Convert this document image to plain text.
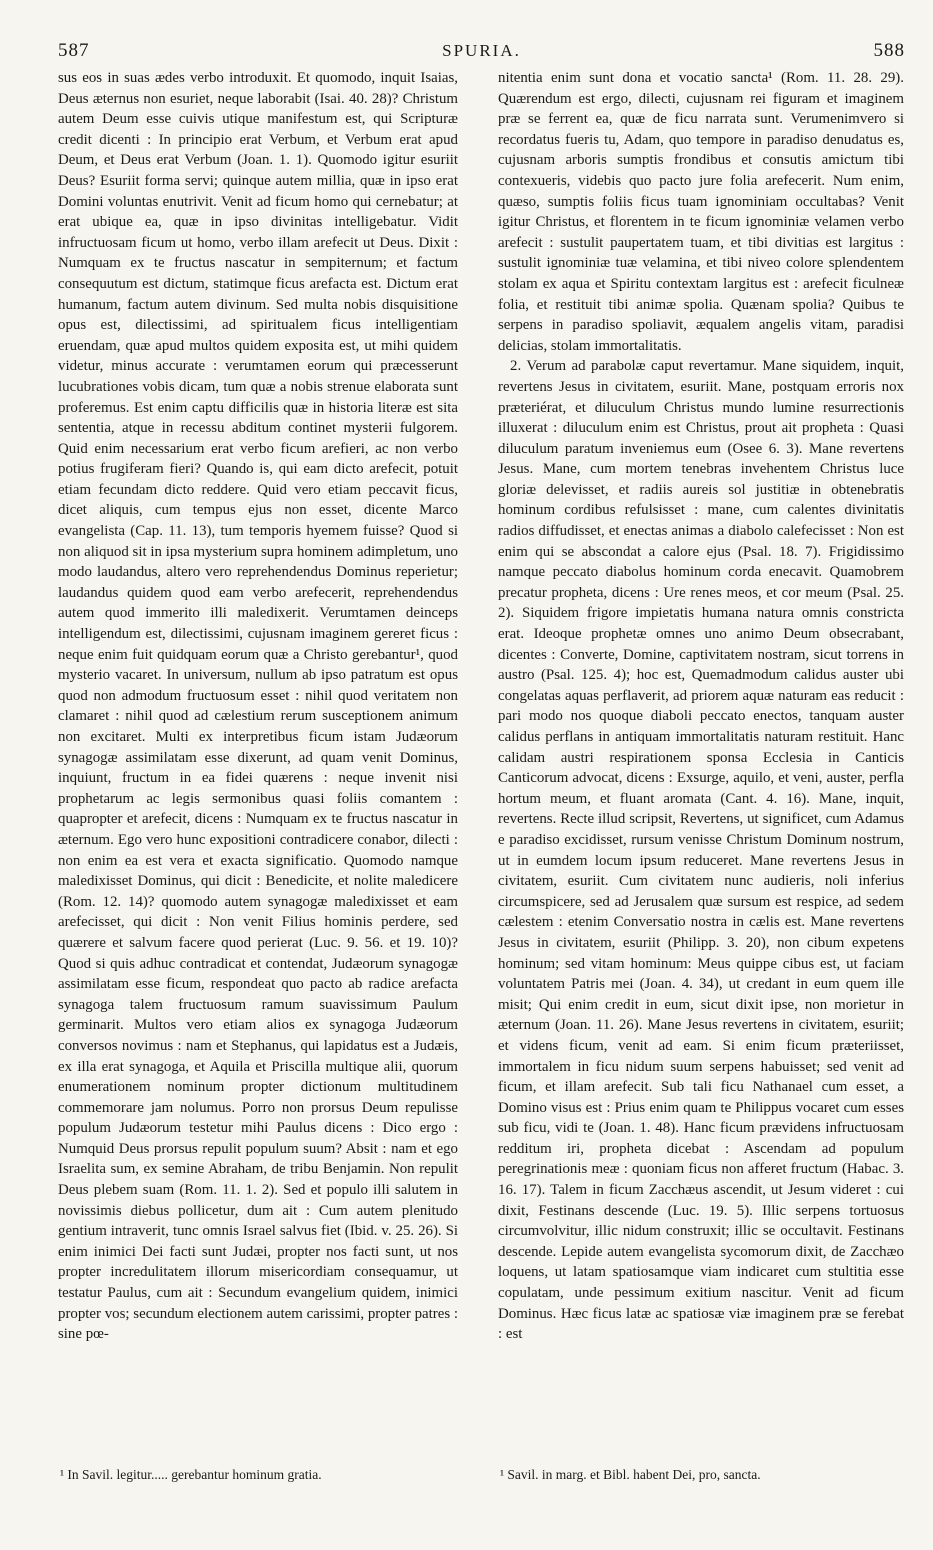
587	SPURIA.	588

sus eos in suas ædes verbo introduxit. Et quomodo, inquit Isaias, Deus æternus non esuriet, neque laborabit (Isai. 40. 28)? Christum autem Deum esse cuivis utique manifestum est, qui Scripturæ credit dicenti : In principio erat Verbum, et Verbum erat apud Deum, et Deus erat Verbum (Joan. 1. 1). Quomodo igitur esuriit Deus? Esuriit forma servi; quinque autem millia, quæ in ipso erat Domini voluntas enutrivit. Venit ad ficum homo qui cernebatur; at erat ubique ea, quæ in ipso divinitas intelligebatur. Vidit infructuosam ficum ut homo, verbo illam arefecit ut Deus. Dixit : Numquam ex te fructus nascatur in sempiternum; et factum consequutum est dictum, statimque ficus arefacta est. Dictum erat humanum, factum autem divinum. Sed multa nobis disquisitione opus est, dilectissimi, ad spiritualem ficus intelligentiam eruendam, quæ apud multos quidem exposita est, ut mihi quidem videtur, minus accurate : verumtamen eorum qui præcesserunt lucubrationes vobis dicam, tum quæ a nobis strenue elaborata sunt proferemus. Est enim captu difficilis quæ in historia literæ est sita sententia, atque in recessu abditum continet mysterii fulgorem. Quid enim necessarium erat verbo ficum arefieri, ac non verbo potius frugiferam fieri? Quando is, qui eam dicto arefecit, potuit etiam fecundam dicto reddere. Quid vero etiam peccavit ficus, dicet aliquis, cum tempus ejus non esset, dicente Marco evangelista (Cap. 11. 13), tum temporis hyemem fuisse? Quod si non aliquod sit in ipsa mysterium supra hominem adimpletum, uno modo laudandus, altero vero reprehendendus Dominus reperietur; laudandus quidem quod eam verbo arefecerit, reprehendendus autem quod immerito illi maledixerit. Verumtamen deinceps intelligendum est, dilectissimi, cujusnam imaginem gereret ficus : neque enim fuit quidquam eorum quæ a Christo gerebantur¹, quod mysterio vacaret. In universum, nullum ab ipso patratum est opus quod non admodum fructuosum esset : nihil quod veritatem non clamaret : nihil quod ad cælestium rerum susceptionem animum non excitaret. Multi ex interpretibus ficum istam Judæorum synagogæ assimilatam esse dixerunt, ad quam venit Dominus, inquiunt, fructum in ea fidei quærens : neque invenit nisi prophetarum ac legis sermonibus quasi foliis comantem : quapropter et arefecit, dicens : Numquam ex te fructus nascatur in æternum. Ego vero hunc expositioni contradicere conabor, dilecti : non enim ea est vera et exacta significatio. Quomodo namque maledixisset Dominus, qui dicit : Benedicite, et nolite maledicere (Rom. 12. 14)? quomodo autem synagogæ maledixisset et eam arefecisset, qui dicit : Non venit Filius hominis perdere, sed quærere et salvum facere quod perierat (Luc. 9. 56. et 19. 10)? Quod si quis adhuc contradicat et contendat, Judæorum synagogæ assimilatam esse ficum, respondeat quo pacto ab radice arefacta synagoga talem fructuosum ramum suavissimum Paulum germinarit. Multos vero etiam alios ex synagoga Judæorum conversos novimus : nam et Stephanus, qui lapidatus est a Judæis, ex illa erat synagoga, et Aquila et Priscilla multique alii, quorum enumerationem nominum propter dictionum multitudinem commemorare jam nolumus. Porro non prorsus Deum repulisse populum Judæorum testetur mihi Paulus dicens : Dico ergo : Numquid Deus prorsus repulit populum suum? Absit : nam et ego Israelita sum, ex semine Abraham, de tribu Benjamin. Non repulit Deus plebem suam (Rom. 11. 1. 2). Sed et populo illi salutem in novissimis diebus pollicetur, dum ait : Cum autem plenitudo gentium intraverit, tunc omnis Israel salvus fiet (Ibid. v. 25. 26). Si enim inimici Dei facti sunt Judæi, propter nos facti sunt, ut nos propter incredulitatem illorum misericordiam consequamur, ut testatur Paulus, cum ait : Secundum evangelium quidem, inimici propter vos; secundum electionem autem carissimi, propter patres : sine pœ-

nitentia enim sunt dona et vocatio sancta¹ (Rom. 11. 28. 29). Quærendum est ergo, dilecti, cujusnam rei figuram et imaginem præ se ferrent ea, quæ de ficu narrata sunt. Verumenimvero si recordatus fueris tu, Adam, quo tempore in paradiso denudatus es, cujusnam arboris sumptis frondibus et consutis amictum tibi contexueris, videbis quo pacto jure folia arefecerit. Num enim, quæso, sumptis foliis ficus tuam ignominiam occultabas? Venit igitur Christus, et florentem in te ficum ignominiæ velamen verbo arefecit : sustulit paupertatem tuam, et tibi divitias est largitus : sustulit ignominiæ tuæ velamina, et tibi niveo colore splendentem stolam ex aqua et Spiritu contextam largitus est : arefecit ficulneæ folia, et restituit tibi animæ spolia. Quænam spolia? Quibus te serpens in paradiso spoliavit, æqualem angelis vitam, paradisi delicias, stolam immortalitatis.

2. Verum ad parabolæ caput revertamur. Mane siquidem, inquit, revertens Jesus in civitatem, esuriit. Mane, postquam erroris nox præteriérat, et diluculum Christus mundo lumine resurrectionis illuxerat : diluculum enim est Christus, prout ait propheta : Quasi diluculum paratum inveniemus eum (Osee 6. 3). Mane revertens Jesus. Mane, cum mortem tenebras invehentem Christus luce gloriæ delevisset, et radiis aureis sol justitiæ in obtenebratis hominum cordibus refulsisset : mane, cum calentes divinitatis radios diffudisset, et enectas animas a diabolo calefecisset : Non est enim qui se abscondat a calore ejus (Psal. 18. 7). Frigidissimo namque peccato diabolus hominum corda enecavit. Quamobrem precatur propheta, dicens : Ure renes meos, et cor meum (Psal. 25. 2). Siquidem frigore impietatis humana natura omnis constricta erat. Ideoque prophetæ omnes uno animo Deum obsecrabant, dicentes : Converte, Domine, captivitatem nostram, sicut torrens in austro (Psal. 125. 4); hoc est, Quemadmodum calidus auster ubi congelatas aquas perflaverit, ad priorem aquæ naturam eas reducit : pari modo nos quoque diaboli peccato enectos, tanquam auster calidus perflans in antiquam immortalitatis naturam restituit. Hanc calidam austri respirationem sponsa Ecclesia in Canticis Canticorum advocat, dicens : Exsurge, aquilo, et veni, auster, perfla hortum meum, et fluant aromata (Cant. 4. 16). Mane, inquit, revertens. Recte illud scripsit, Revertens, ut significet, cum Adamus e paradiso excidisset, rursum venisse Christum Dominum nostrum, ut in eumdem locum ipsum reduceret. Mane revertens Jesus in civitatem, esuriit. Cum civitatem nunc audieris, noli inferius circumspicere, sed ad Jerusalem quæ sursum est respice, ad sedem cælestem : etenim Conversatio nostra in cælis est. Mane revertens Jesus in civitatem, esuriit (Philipp. 3. 20), non cibum expetens hominum; sed vitam hominum: Meus quippe cibus est, ut faciam voluntatem Patris mei (Joan. 4. 34), ut credant in eum quem ille misit; Qui enim credit in eum, sicut dixit ipse, non morietur in æternum (Joan. 11. 26). Mane Jesus revertens in civitatem, esuriit; et videns ficum, venit ad eam. Si enim ficum præteriisset, immortalem in ficu nidum suum serpens habuisset; sed venit ad ficum, et illam arefecit. Sub tali ficu Nathanael cum esset, a Domino visus est : Prius enim quam te Philippus vocaret cum esses sub ficu, vidi te (Joan. 1. 48). Hanc ficum prævidens infructuosam redditum iri, propheta dicebat : Ascendam ad populum peregrinationis meæ : quoniam ficus non afferet fructum (Habac. 3. 16. 17). Talem in ficum Zacchæus ascendit, ut Jesum videret : cui dixit, Festinans descende (Luc. 19. 5). Illic serpens tortuosus circumvolvitur, illic nidum construxit; illic se occultavit. Festinans descende. Lepide autem evangelista sycomorum dixit, de Zacchæo loquens, ut latam spatiosamque viam indicaret cum stultitia esse copulatam, unde pessimum exitium nascitur. Venit ad ficum Dominus. Hæc ficus latæ ac spatiosæ viæ imaginem præ se ferebat : est

¹ In Savil. legitur..... gerebantur hominum gratia.	¹ Savil. in marg. et Bibl. habent Dei, pro, sancta.
